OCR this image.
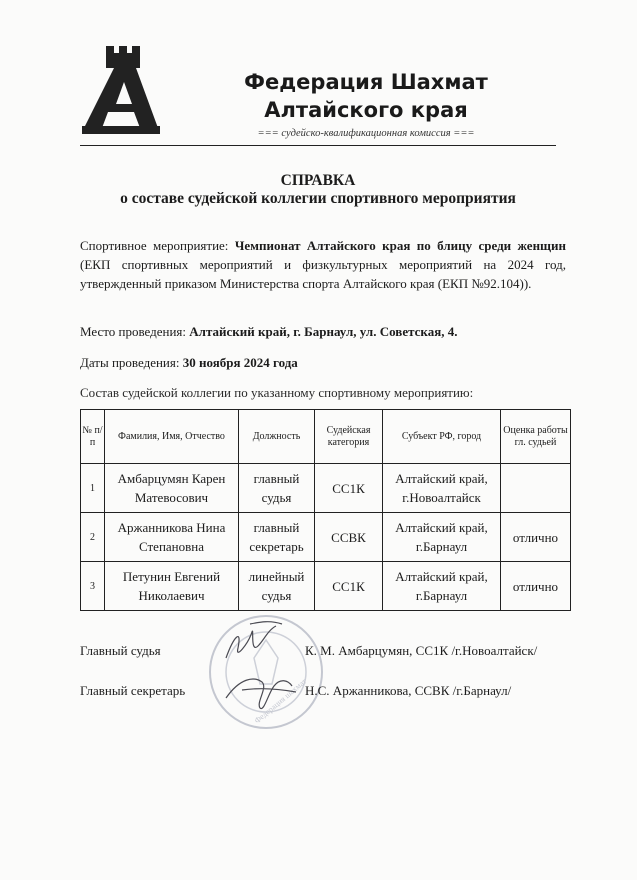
Федерация Шахмат
Алтайского края
=== судейско-квалификационная комиссия ===
СПРАВКА
о составе судейской коллегии спортивного мероприятия
Спортивное мероприятие: Чемпионат Алтайского края по блицу среди женщин (ЕКП спортивных мероприятий и физкультурных мероприятий на 2024 год, утвержденный приказом Министерства спорта Алтайского края (ЕКП №92.104)).
Место проведения: Алтайский край, г. Барнаул, ул. Советская, 4.
Даты проведения: 30 ноября 2024 года
Состав судейской коллегии по указанному спортивному мероприятию:
№ п/п	Фамилия, Имя, Отчество	Должность	Судейская категория	Субъект РФ, город	Оценка работы гл. судьей
1	Амбарцумян Карен Матевосович	главный судья	СС1К	Алтайский край, г.Новоалтайск	
2	Аржанникова Нина Степановна	главный секретарь	ССВК	Алтайский край, г.Барнаул	отлично
3	Петунин Евгений Николаевич	линейный судья	СС1К	Алтайский край, г.Барнаул	отлично
Федерация шахмат
Главный судья	К. М. Амбарцумян, СС1К /г.Новоалтайск/
Главный секретарь	Н.С. Аржанникова, ССВК /г.Барнаул/
